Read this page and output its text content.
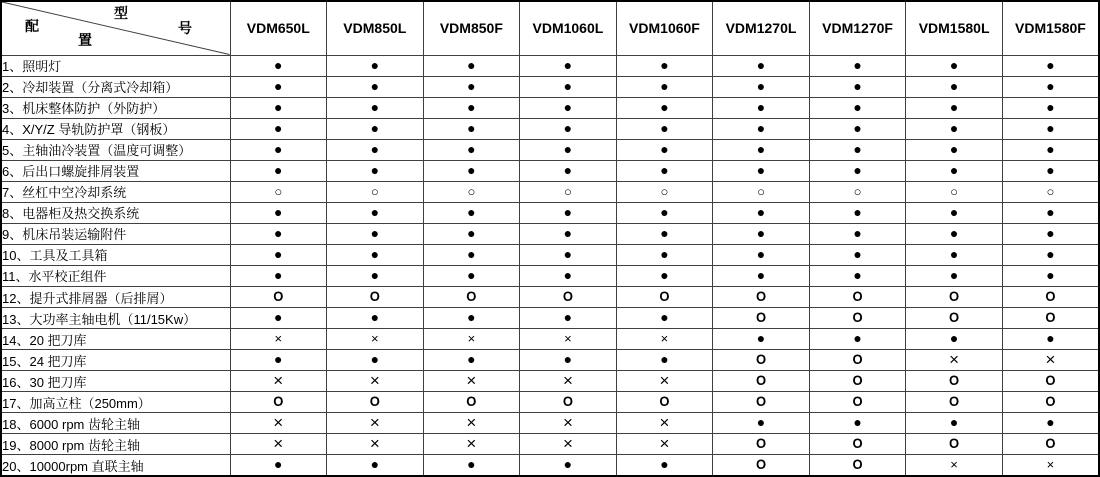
型
号
配
置	VDM650L	VDM850L	VDM850F	VDM1060L	VDM1060F	VDM1270L	VDM1270F	VDM1580L	VDM1580F
1、照明灯	●	●	●	●	●	●	●	●	●
2、冷却装置（分离式冷却箱）	●	●	●	●	●	●	●	●	●
3、机床整体防护（外防护）	●	●	●	●	●	●	●	●	●
4、X/Y/Z 导轨防护罩（钢板）	●	●	●	●	●	●	●	●	●
5、主轴油冷装置（温度可调整）	●	●	●	●	●	●	●	●	●
6、后出口螺旋排屑装置	●	●	●	●	●	●	●	●	●
7、丝杠中空冷却系统	○	○	○	○	○	○	○	○	○
8、电器柜及热交换系统	●	●	●	●	●	●	●	●	●
9、机床吊装运输附件	●	●	●	●	●	●	●	●	●
10、工具及工具箱	●	●	●	●	●	●	●	●	●
11、水平校正组件	●	●	●	●	●	●	●	●	●
12、提升式排屑器（后排屑）	O	O	O	O	O	O	O	O	O
13、大功率主轴电机（11/15Kw）	●	●	●	●	●	O	O	O	O
14、20 把刀库	×	×	×	×	×	●	●	●	●
15、24 把刀库	●	●	●	●	●	O	O	×	×
16、30 把刀库	×	×	×	×	×	O	O	O	O
17、加高立柱（250mm）	O	O	O	O	O	O	O	O	O
18、6000 rpm 齿轮主轴	×	×	×	×	×	●	●	●	●
19、8000 rpm 齿轮主轴	×	×	×	×	×	O	O	O	O
20、10000rpm 直联主轴	●	●	●	●	●	O	O	×	×
